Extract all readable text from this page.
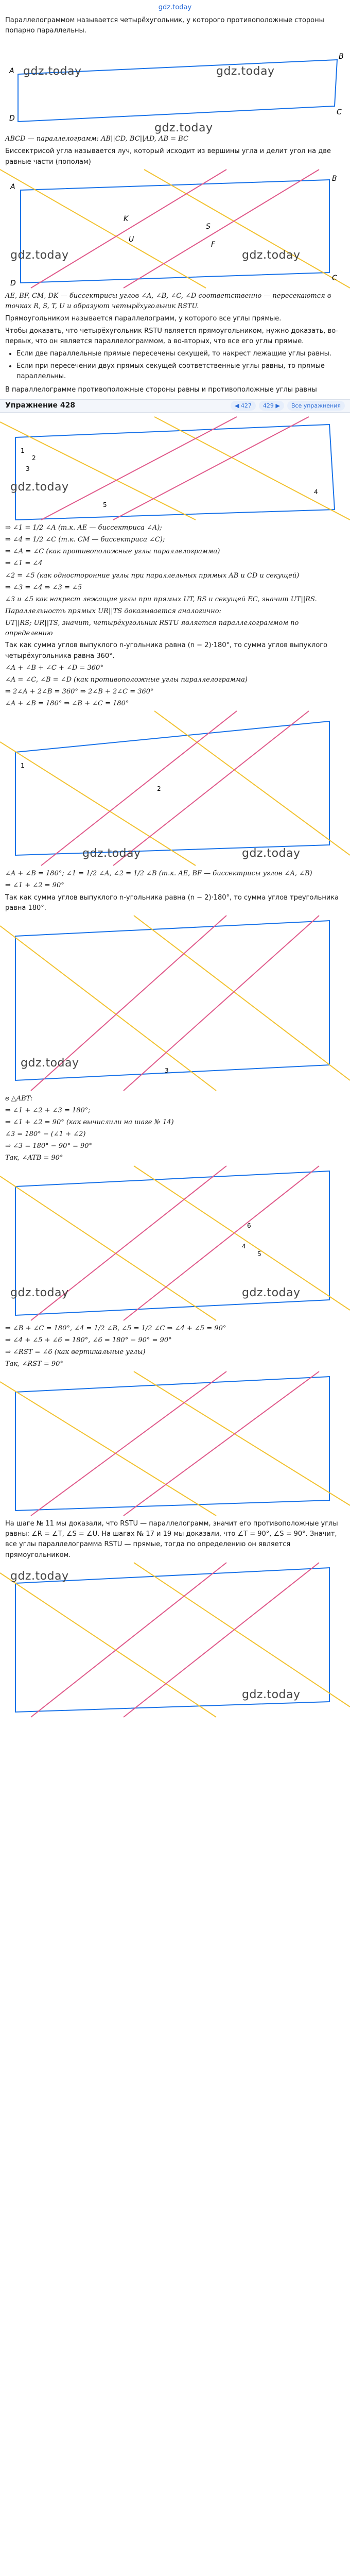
gdz.today

Параллелограммом называется четырёхугольник, у которого противоположные стороны попарно параллельны.

A
B
C
D
gdz.today	gdz.today
gdz.today

ABCD — параллелограмм: AB||CD, BC||AD, AB = BC

Биссектрисой угла называется луч, который исходит из вершины угла и делит угол на две равные части (пополам)

A
B
C
D
K
S
U
F
gdz.today	gdz.today

AE, BF, CM, DK — биссектрисы углов ∠A, ∠B, ∠C, ∠D соответственно — пересекаются в точках R, S, T, U и образуют четырёхугольник RSTU.

Прямоугольником называется параллелограмм, у которого все углы прямые.

Чтобы доказать, что четырёхугольник RSTU является прямоугольником, нужно доказать, во-первых, что он является параллелограммом, а во-вторых, что все его углы прямые.

• Если две параллельные прямые пересечены секущей, то накрест лежащие углы равны.
• Если при пересечении двух прямых секущей соответственные углы равны, то прямые параллельны.

В параллелограмме противоположные стороны равны и противоположные углы равны

Упражнение 428	◀ 427	429 ▶	Все упражнения
1
2
3
4
5
gdz.today

⇒ ∠1 = 1/2 ∠A (т.к. AE — биссектриса ∠A);

⇒ ∠4 = 1/2 ∠C (т.к. CM — биссектриса ∠C);

⇒ ∠A = ∠C (как противоположные углы параллелограмма)

⇒ ∠1 = ∠4

∠2 = ∠5 (как односторонние углы при параллельных прямых AB и CD и секущей)

⇒ ∠3 = ∠4 ⇒ ∠3 = ∠5

∠3 и ∠5 как накрест лежащие углы при прямых UT, RS и секущей EC, значит UT||RS.

Параллельность прямых UR||TS доказывается аналогично:

UT||RS; UR||TS, значит, четырёхугольник RSTU является параллелограммом по определению

Так как сумма углов выпуклого n-угольника равна (n − 2)·180°, то сумма углов выпуклого четырёхугольника равна 360°.

∠A + ∠B + ∠C + ∠D = 360°

∠A = ∠C, ∠B = ∠D (как противоположные углы параллелограмма)

⇒ 2∠A + 2∠B = 360° ⇒ 2∠B + 2∠C = 360°

∠A + ∠B = 180° ⇒ ∠B + ∠C = 180°

1
2
gdz.today	gdz.today

∠A + ∠B = 180°; ∠1 = 1/2 ∠A, ∠2 = 1/2 ∠B (т.к. AE, BF — биссектрисы углов ∠A, ∠B)

⇒ ∠1 + ∠2 = 90°

Так как сумма углов выпуклого n-угольника равна (n − 2)·180°, то сумма углов треугольника равна 180°.

3
gdz.today

в △ABT:

⇒ ∠1 + ∠2 + ∠3 = 180°;

⇒ ∠1 + ∠2 = 90° (как вычислили на шаге № 14)

∠3 = 180° − (∠1 + ∠2)

⇒ ∠3 = 180° − 90° = 90°

Так, ∠ATB = 90°

4
5
6
gdz.today	gdz.today

⇒ ∠B + ∠C = 180°, ∠4 = 1/2 ∠B, ∠5 = 1/2 ∠C ⇒ ∠4 + ∠5 = 90°

⇒ ∠4 + ∠5 + ∠6 = 180°, ∠6 = 180° − 90° = 90°

⇒ ∠RST = ∠6 (как вертикальные углы)

Так, ∠RST = 90°

На шаге № 11 мы доказали, что RSTU — параллелограмм, значит его противоположные углы равны: ∠R = ∠T, ∠S = ∠U. На шагах № 17 и 19 мы доказали, что ∠T = 90°, ∠S = 90°. Значит, все углы параллелограмма RSTU — прямые, тогда по определению он является прямоугольником.

gdz.today
gdz.today
